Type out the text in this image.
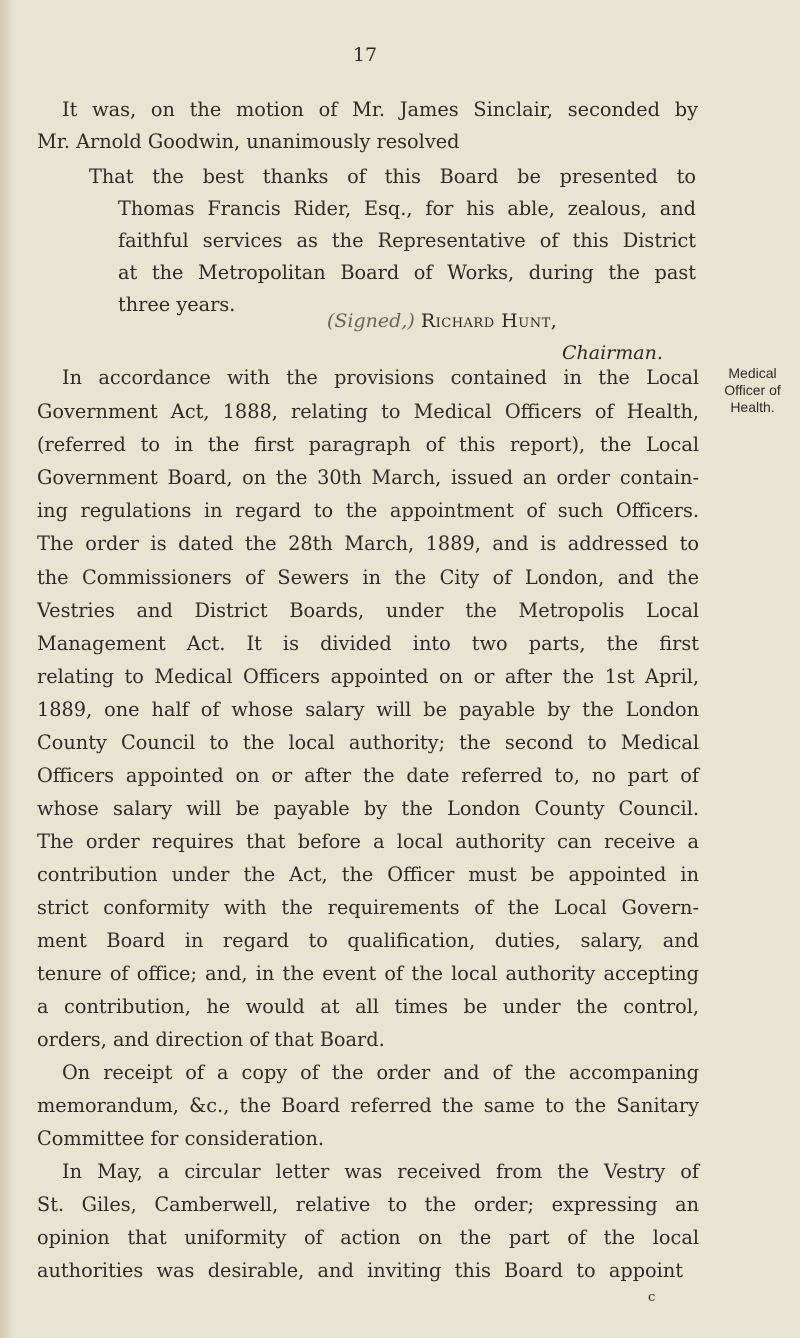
17
It was, on the motion of Mr. James Sinclair, seconded by
Mr. Arnold Goodwin, unanimously resolved
That the best thanks of this Board be presented to
Thomas Francis Rider, Esq., for his able, zealous, and
faithful services as the Representative of this District
at the Metropolitan Board of Works, during the past
three years.
(Signed,) Richard Hunt,
Chairman.
Medical
Officer of
Health.
In accordance with the provisions contained in the Local
Government Act, 1888, relating to Medical Officers of Health,
(referred to in the first paragraph of this report), the Local
Government Board, on the 30th March, issued an order contain-
ing regulations in regard to the appointment of such Officers.
The order is dated the 28th March, 1889, and is addressed to
the Commissioners of Sewers in the City of London, and the
Vestries and District Boards, under the Metropolis Local
Management Act. It is divided into two parts, the first
relating to Medical Officers appointed on or after the 1st April,
1889, one half of whose salary will be payable by the London
County Council to the local authority; the second to Medical
Officers appointed on or after the date referred to, no part of
whose salary will be payable by the London County Council.
The order requires that before a local authority can receive a
contribution under the Act, the Officer must be appointed in
strict conformity with the requirements of the Local Govern-
ment Board in regard to qualification, duties, salary, and
tenure of office; and, in the event of the local authority accepting
a contribution, he would at all times be under the control,
orders, and direction of that Board.
On receipt of a copy of the order and of the accompaning
memorandum, &c., the Board referred the same to the Sanitary
Committee for consideration.
In May, a circular letter was received from the Vestry of
St. Giles, Camberwell, relative to the order; expressing an
opinion that uniformity of action on the part of the local
authorities was desirable, and inviting this Board to appoint
c
